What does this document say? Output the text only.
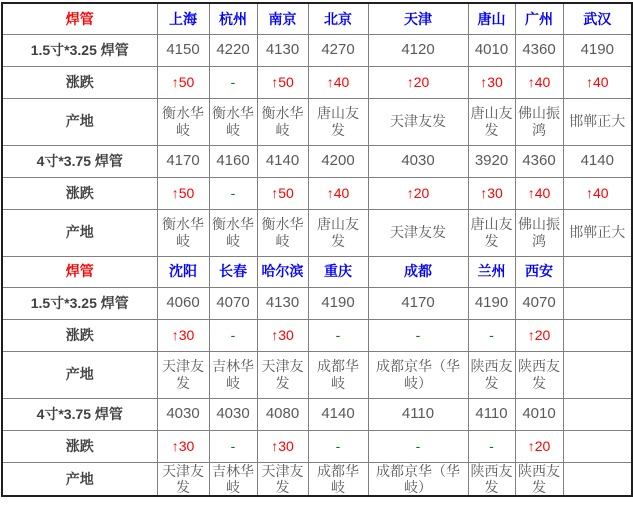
焊管	上海	杭州	南京	北京	天津	唐山	广州	武汉
1.5寸*3.25 焊管	4150	4220	4130	4270	4120	4010	4360	4190
涨跌	↑50	-	↑50	↑40	↑20	↑30	↑40	↑40
产地	衡水华岐	衡水华岐	衡水华岐	唐山友发	天津友发	唐山友发	佛山振鸿	邯郸正大
4寸*3.75 焊管	4170	4160	4140	4200	4030	3920	4360	4140
涨跌	↑50	-	↑50	↑40	↑20	↑30	↑40	↑40
产地	衡水华岐	衡水华岐	衡水华岐	唐山友发	天津友发	唐山友发	佛山振鸿	邯郸正大
焊管	沈阳	长春	哈尔滨	重庆	成都	兰州	西安	
1.5寸*3.25 焊管	4060	4070	4130	4190	4170	4190	4070	
涨跌	↑30	-	↑30	-	-	-	↑20	
产地	天津友发	吉林华岐	天津友发	成都华岐	成都京华（华岐）	陕西友发	陕西友发	
4寸*3.75 焊管	4030	4030	4080	4140	4110	4110	4010	
涨跌	↑30	-	↑30	-	-	-	↑20	
产地	天津友发	吉林华岐	天津友发	成都华岐	成都京华（华岐）	陕西友发	陕西友发	
